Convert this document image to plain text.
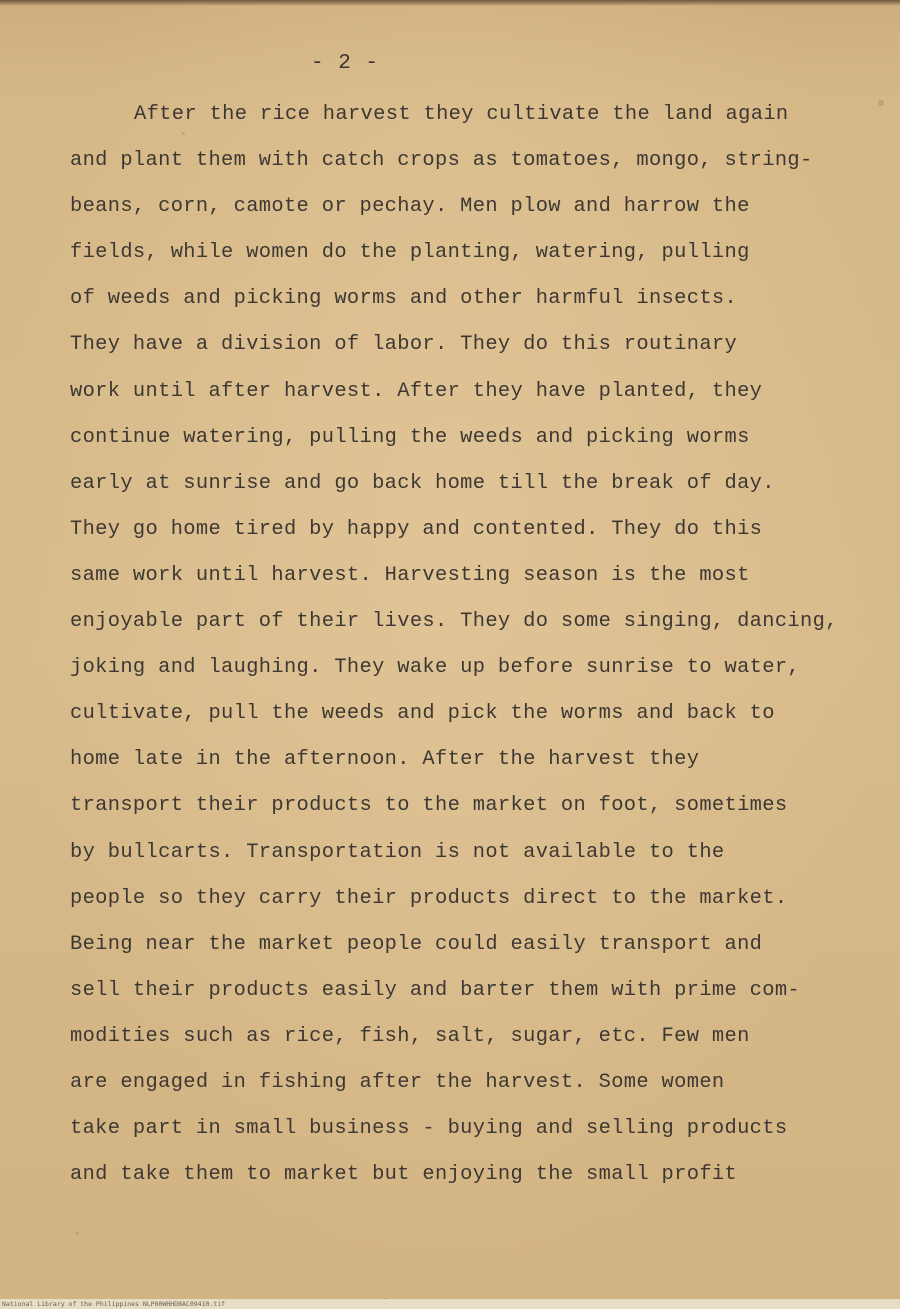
- 2 -
After the rice harvest they cultivate the land again
and plant them with catch crops as tomatoes, mongo, string-
beans, corn, camote or pechay. Men plow and harrow the
fields, while women do the planting, watering, pulling
of weeds and picking worms and other harmful insects.
They have a division of labor. They do this routinary
work until after harvest. After they have planted, they
continue watering, pulling the weeds and picking worms
early at sunrise and go back home till the break of day.
They go home tired by happy and contented. They do this
same work until harvest. Harvesting season is the most
enjoyable part of their lives. They do some singing, dancing,
joking and laughing. They wake up before sunrise to water,
cultivate, pull the weeds and pick the worms and back to
home late in the afternoon. After the harvest they
transport their products to the market on foot, sometimes
by bullcarts. Transportation is not available to the
people so they carry their products direct to the market.
Being near the market people could easily transport and
sell their products easily and barter them with prime com-
modities such as rice, fish, salt, sugar, etc. Few men
are engaged in fishing after the harvest. Some women
take part in small business - buying and selling products
and take them to market but enjoying the small profit
National Library of the Philippines NLP00WHHDBAC09410.tif
